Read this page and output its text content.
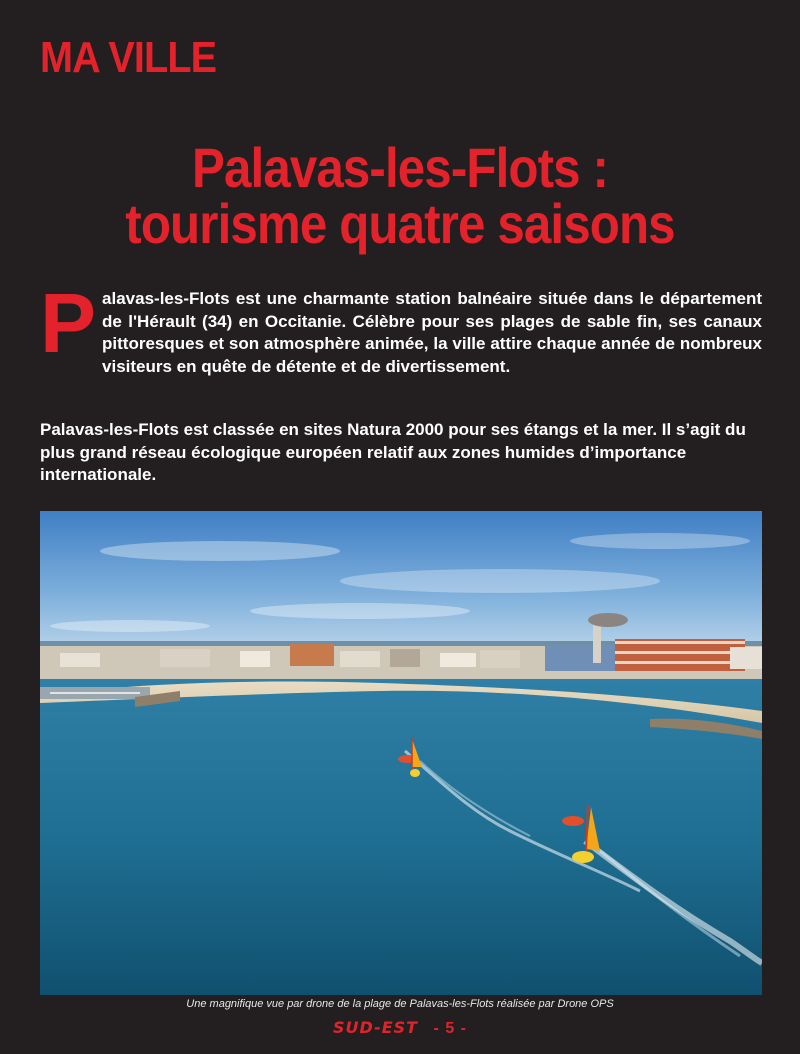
MA VILLE
Palavas-les-Flots :
tourisme quatre saisons

Palavas-les-Flots est une charmante station balnéaire située dans le département de l'Hérault (34) en Occitanie. Célèbre pour ses plages de sable fin, ses canaux pittoresques et son atmosphère animée, la ville attire chaque année de nombreux visiteurs en quête de détente et de divertissement.

Palavas-les-Flots est classée en sites Natura 2000 pour ses étangs et la mer. Il s’agit du plus grand réseau écologique européen relatif aux zones humides d’importance internationale.

Une magnifique vue par drone de la plage de Palavas-les-Flots réalisée par Drone OPS
SUD-EST - 5 -
